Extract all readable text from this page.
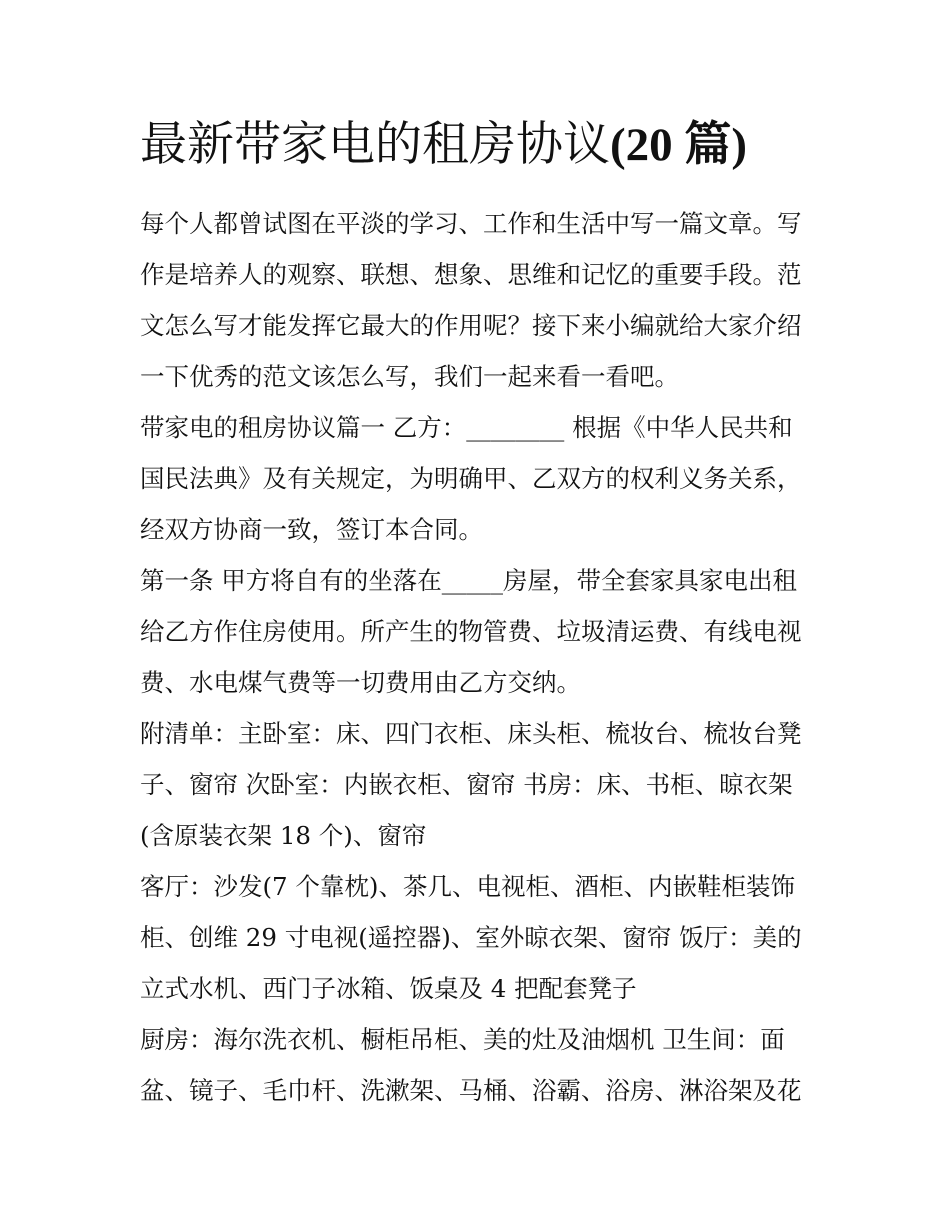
最新带家电的租房协议(20 篇)
每个人都曾试图在平淡的学习、工作和生活中写一篇文章。写
作是培养人的观察、联想、想象、思维和记忆的重要手段。范
文怎么写才能发挥它最大的作用呢？接下来小编就给大家介绍
一下优秀的范文该怎么写，我们一起来看一看吧。
带家电的租房协议篇一 乙方：________ 根据《中华人民共和
国民法典》及有关规定，为明确甲、乙双方的权利义务关系，
经双方协商一致，签订本合同。
第一条 甲方将自有的坐落在_____房屋，带全套家具家电出租
给乙方作住房使用。所产生的物管费、垃圾清运费、有线电视
费、水电煤气费等一切费用由乙方交纳。
附清单：主卧室：床、四门衣柜、床头柜、梳妆台、梳妆台凳
子、窗帘 次卧室：内嵌衣柜、窗帘 书房：床、书柜、晾衣架
(含原装衣架 18 个)、窗帘
客厅：沙发(7 个靠枕)、茶几、电视柜、酒柜、内嵌鞋柜装饰
柜、创维 29 寸电视(遥控器)、室外晾衣架、窗帘 饭厅：美的
立式水机、西门子冰箱、饭桌及 4 把配套凳子
厨房：海尔洗衣机、橱柜吊柜、美的灶及油烟机 卫生间：面
盆、镜子、毛巾杆、洗漱架、马桶、浴霸、浴房、淋浴架及花
